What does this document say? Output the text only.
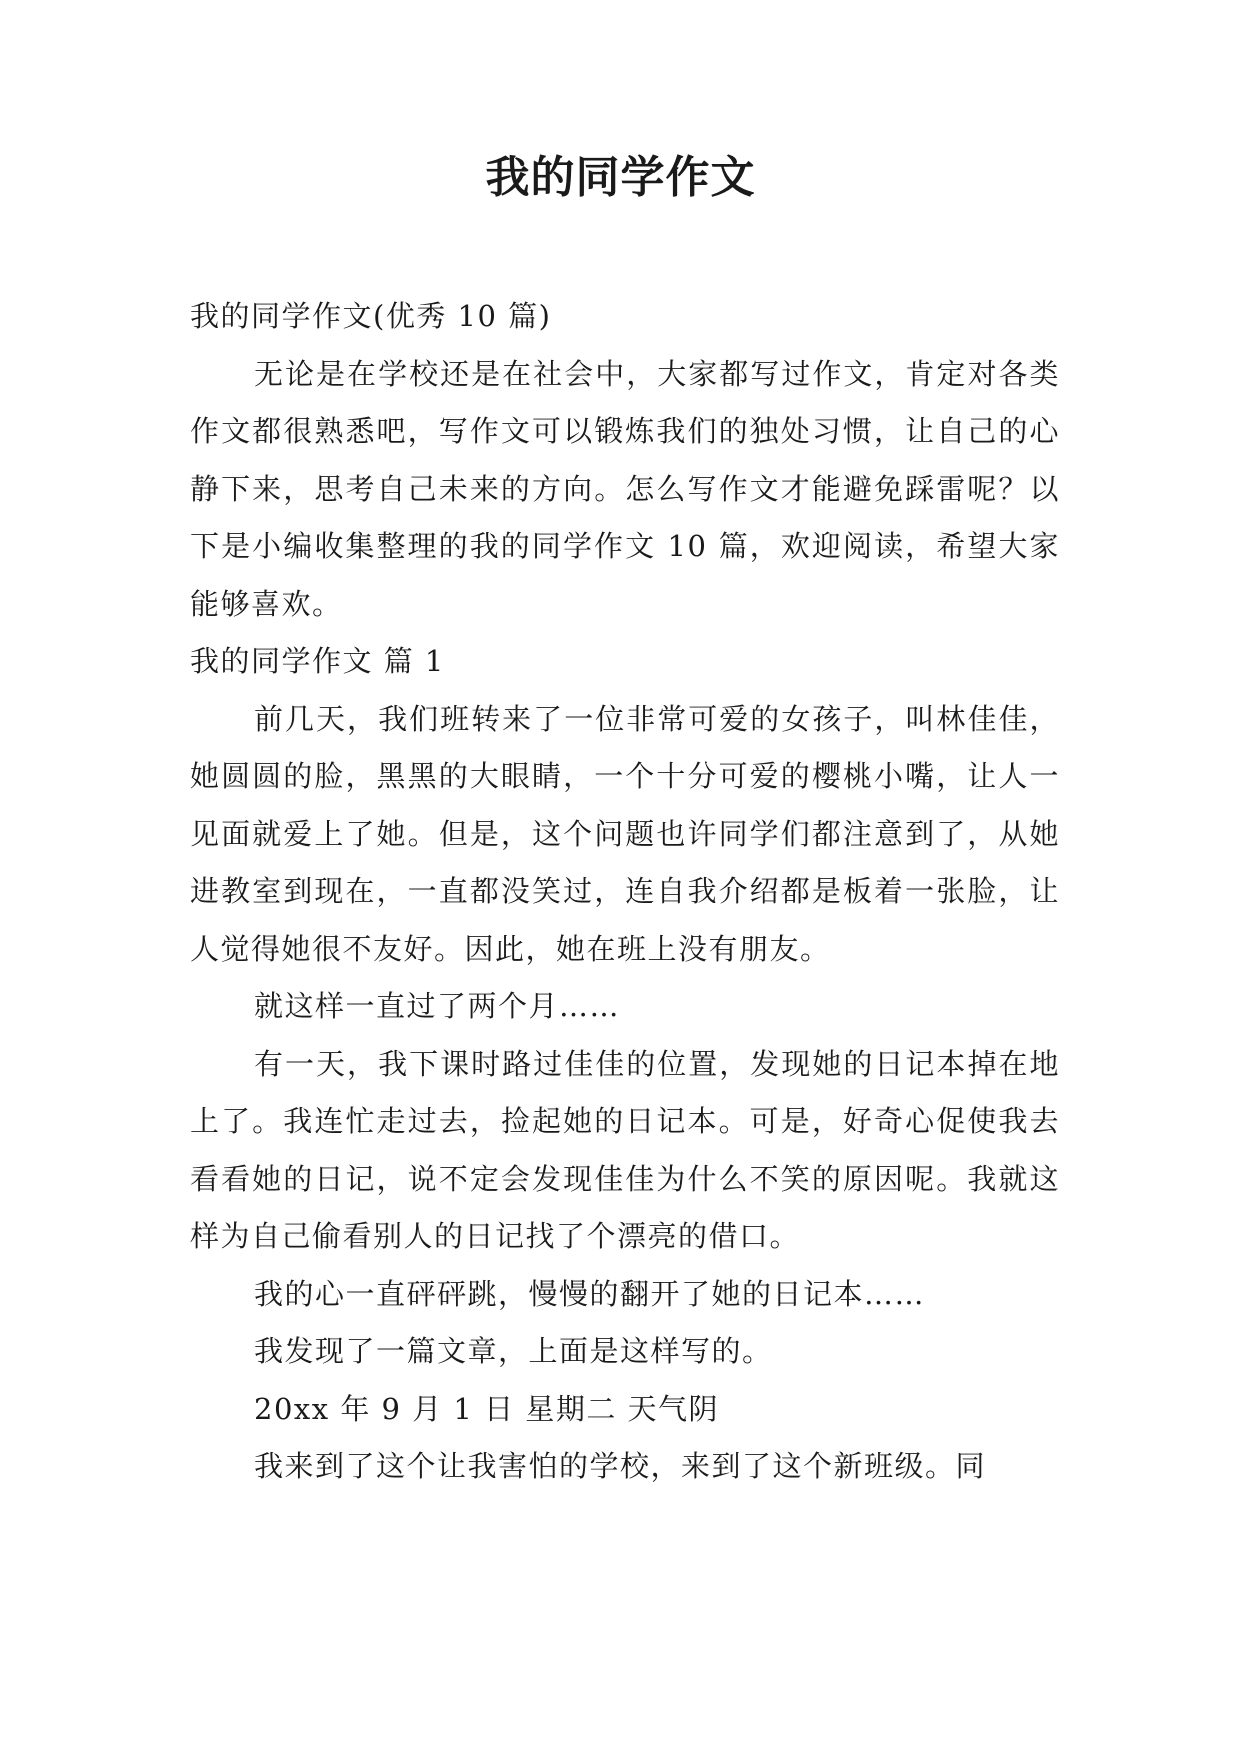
我的同学作文

我的同学作文(优秀 10 篇)

无论是在学校还是在社会中，大家都写过作文，肯定对各类作文都很熟悉吧，写作文可以锻炼我们的独处习惯，让自己的心静下来，思考自己未来的方向。怎么写作文才能避免踩雷呢？以下是小编收集整理的我的同学作文 10 篇，欢迎阅读，希望大家能够喜欢。

我的同学作文 篇 1

前几天，我们班转来了一位非常可爱的女孩子，叫林佳佳，她圆圆的脸，黑黑的大眼睛，一个十分可爱的樱桃小嘴，让人一见面就爱上了她。但是，这个问题也许同学们都注意到了，从她进教室到现在，一直都没笑过，连自我介绍都是板着一张脸，让人觉得她很不友好。因此，她在班上没有朋友。

就这样一直过了两个月……

有一天，我下课时路过佳佳的位置，发现她的日记本掉在地上了。我连忙走过去，捡起她的日记本。可是，好奇心促使我去看看她的日记，说不定会发现佳佳为什么不笑的原因呢。我就这样为自己偷看别人的日记找了个漂亮的借口。

我的心一直砰砰跳，慢慢的翻开了她的日记本……

我发现了一篇文章，上面是这样写的。

20xx 年 9 月 1 日 星期二 天气阴

我来到了这个让我害怕的学校，来到了这个新班级。同
